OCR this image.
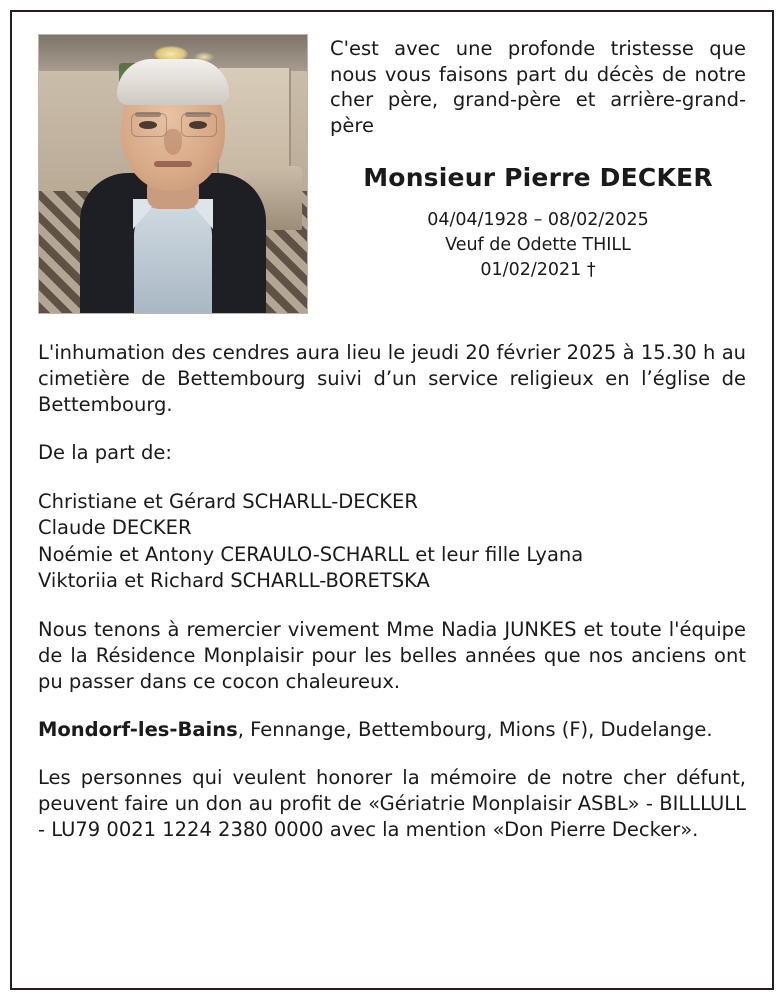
C'est avec une profonde tristesse que nous vous faisons part du décès de notre cher père, grand-père et arrière-grand-père

Monsieur Pierre DECKER
04/04/1928 – 08/02/2025
Veuf de Odette THILL
01/02/2021 †

L'inhumation des cendres aura lieu le jeudi 20 février 2025 à 15.30 h au cimetière de Bettembourg suivi d’un service religieux en l’église de Bettembourg.

De la part de:

Christiane et Gérard SCHARLL-DECKER
Claude DECKER
Noémie et Antony CERAULO-SCHARLL et leur fille Lyana
Viktoriia et Richard SCHARLL-BORETSKA

Nous tenons à remercier vivement Mme Nadia JUNKES et toute l'équipe de la Résidence Monplaisir pour les belles années que nos anciens ont pu passer dans ce cocon chaleureux.

Mondorf-les-Bains, Fennange, Bettembourg, Mions (F), Dudelange.

Les personnes qui veulent honorer la mémoire de notre cher défunt, peuvent faire un don au profit de «Gériatrie Monplaisir ASBL» - BILLLULL - LU79 0021 1224 2380 0000 avec la mention «Don Pierre Decker».
